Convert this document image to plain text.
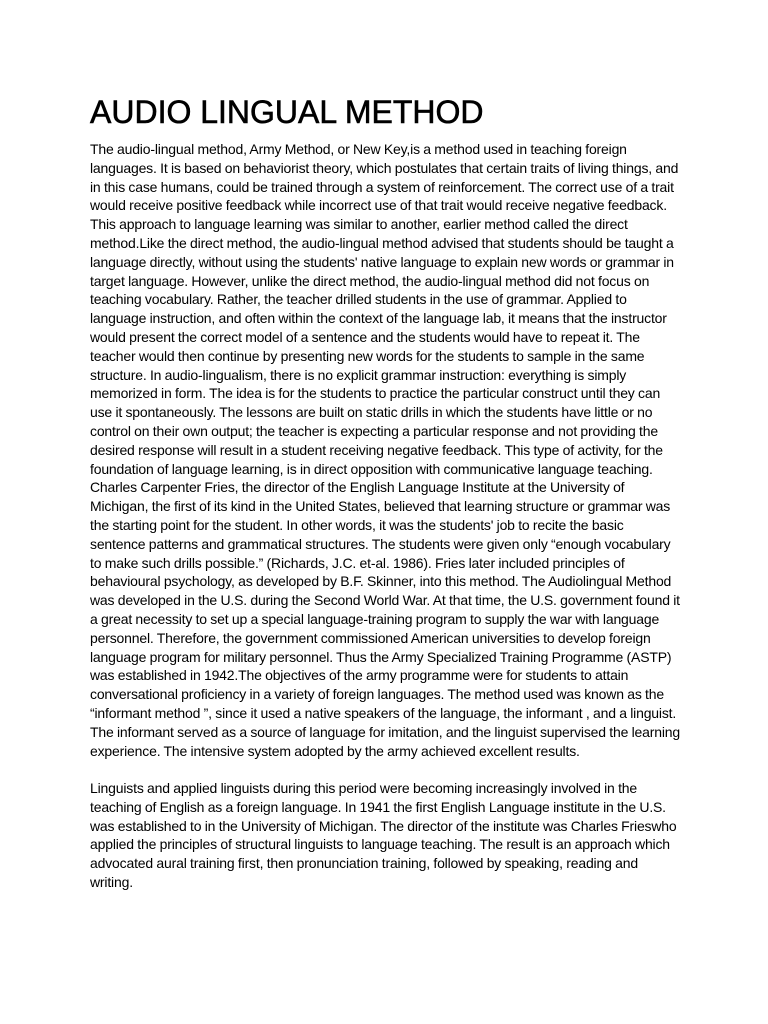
AUDIO LINGUAL METHOD

The audio-lingual method, Army Method, or New Key,is a method used in teaching foreign languages. It is based on behaviorist theory, which postulates that certain traits of living things, and in this case humans, could be trained through a system of reinforcement. The correct use of a trait would receive positive feedback while incorrect use of that trait would receive negative feedback. This approach to language learning was similar to another, earlier method called the direct method.Like the direct method, the audio-lingual method advised that students should be taught a language directly, without using the students' native language to explain new words or grammar in target language. However, unlike the direct method, the audio-lingual method did not focus on teaching vocabulary. Rather, the teacher drilled students in the use of grammar. Applied to language instruction, and often within the context of the language lab, it means that the instructor would present the correct model of a sentence and the students would have to repeat it. The teacher would then continue by presenting new words for the students to sample in the same structure. In audio-lingualism, there is no explicit grammar instruction: everything is simply memorized in form. The idea is for the students to practice the particular construct until they can use it spontaneously. The lessons are built on static drills in which the students have little or no control on their own output; the teacher is expecting a particular response and not providing the desired response will result in a student receiving negative feedback. This type of activity, for the foundation of language learning, is in direct opposition with communicative language teaching. Charles Carpenter Fries, the director of the English Language Institute at the University of Michigan, the first of its kind in the United States, believed that learning structure or grammar was the starting point for the student. In other words, it was the students' job to recite the basic sentence patterns and grammatical structures. The students were given only “enough vocabulary to make such drills possible.” (Richards, J.C. et-al. 1986). Fries later included principles of behavioural psychology, as developed by B.F. Skinner, into this method. The Audiolingual Method was developed in the U.S. during the Second World War. At that time, the U.S. government found it a great necessity to set up a special language-training program to supply the war with language personnel. Therefore, the government commissioned American universities to develop foreign language program for military personnel. Thus the Army Specialized Training Programme (ASTP) was established in 1942.The objectives of the army programme were for students to attain conversational proficiency in a variety of foreign languages. The method used was known as the “informant method ”, since it used a native speakers of the language, the informant , and a linguist. The informant served as a source of language for imitation, and the linguist supervised the learning experience. The intensive system adopted by the army achieved excellent results.

Linguists and applied linguists during this period were becoming increasingly involved in the teaching of English as a foreign language. In 1941 the first English Language institute in the U.S. was established to in the University of Michigan. The director of the institute was Charles Frieswho applied the principles of structural linguists to language teaching. The result is an approach which advocated aural training first, then pronunciation training, followed by speaking, reading and writing.
